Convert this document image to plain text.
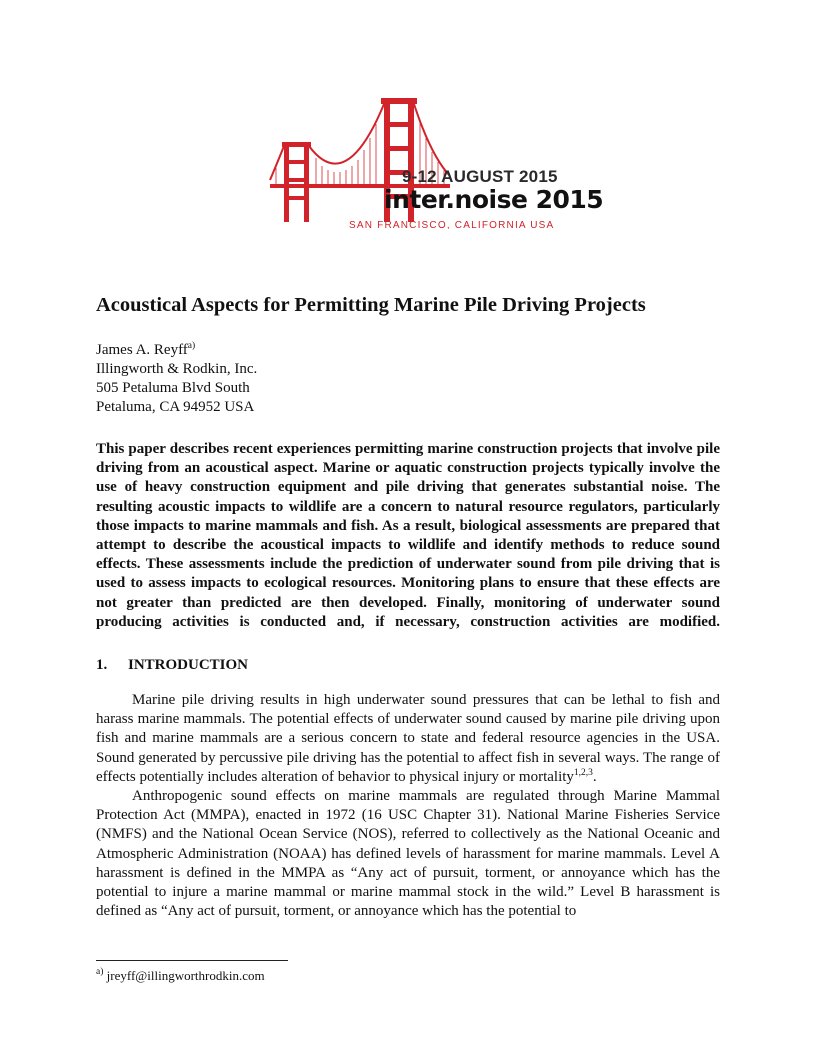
9-12 AUGUST 2015
inter.noise 2015
SAN FRANCISCO, CALIFORNIA USA
Acoustical Aspects for Permitting Marine Pile Driving Projects
James A. Reyff$^{a)}$
Illingworth & Rodkin, Inc.
505 Petaluma Blvd South
Petaluma, CA 94952 USA

This paper describes recent experiences permitting marine construction projects that involve pile driving from an acoustical aspect. Marine or aquatic construction projects typically involve the use of heavy construction equipment and pile driving that generates substantial noise. The resulting acoustic impacts to wildlife are a concern to natural resource regulators, particularly those impacts to marine mammals and fish. As a result, biological assessments are prepared that attempt to describe the acoustical impacts to wildlife and identify methods to reduce sound effects. These assessments include the prediction of underwater sound from pile driving that is used to assess impacts to ecological resources. Monitoring plans to ensure that these effects are not greater than predicted are then developed. Finally, monitoring of underwater sound producing activities is conducted and, if necessary, construction activities are modified.

1. INTRODUCTION

Marine pile driving results in high underwater sound pressures that can be lethal to fish and harass marine mammals. The potential effects of underwater sound caused by marine pile driving upon fish and marine mammals are a serious concern to state and federal resource agencies in the USA. Sound generated by percussive pile driving has the potential to affect fish in several ways. The range of effects potentially includes alteration of behavior to physical injury or mortality$^{1,2,3}$.

Anthropogenic sound effects on marine mammals are regulated through Marine Mammal Protection Act (MMPA), enacted in 1972 (16 USC Chapter 31). National Marine Fisheries Service (NMFS) and the National Ocean Service (NOS), referred to collectively as the National Oceanic and Atmospheric Administration (NOAA) has defined levels of harassment for marine mammals. Level A harassment is defined in the MMPA as “Any act of pursuit, torment, or annoyance which has the potential to injure a marine mammal or marine mammal stock in the wild.” Level B harassment is defined as “Any act of pursuit, torment, or annoyance which has the potential to

$^{a)}$ jreyff@illingworthrodkin.com
